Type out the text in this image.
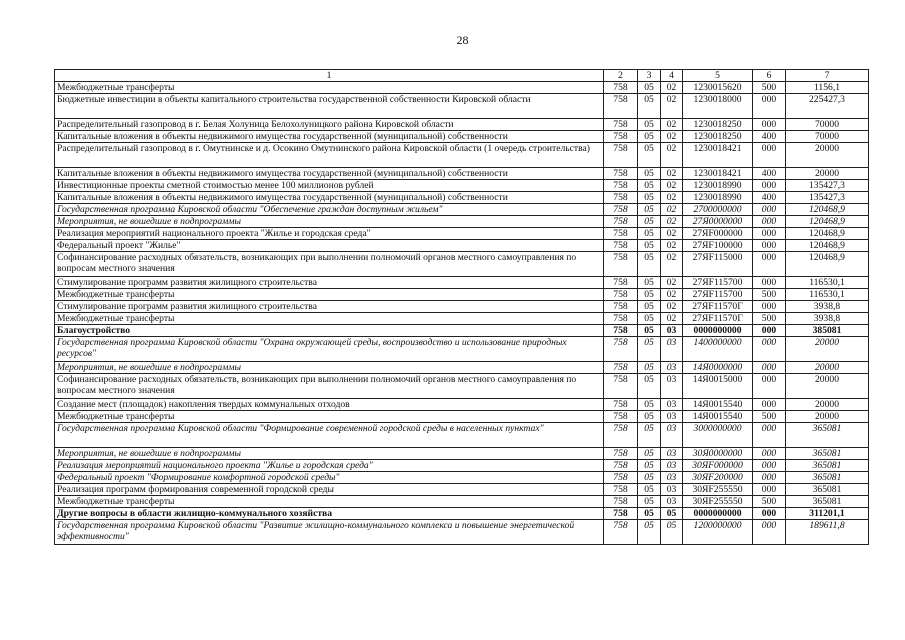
28
1	2	3	4	5	6	7
Межбюджетные трансферты	758	05	02	1230015620	500	1156,1
Бюджетные инвестиции в объекты капитального строительства государственной собственности Кировской области	758	05	02	1230018000	000	225427,3
Распределительный газопровод в г. Белая Холуница Белохолуницкого района Кировской области	758	05	02	1230018250	000	70000
Капитальные вложения в объекты недвижимого имущества государственной (муниципальной) собственности	758	05	02	1230018250	400	70000
Распределительный газопровод в г. Омутнинске и д. Осокино Омутнинского района Кировской области (1 очередь строительства)	758	05	02	1230018421	000	20000
Капитальные вложения в объекты недвижимого имущества государственной (муниципальной) собственности	758	05	02	1230018421	400	20000
Инвестиционные проекты сметной стоимостью менее 100 миллионов рублей	758	05	02	1230018990	000	135427,3
Капитальные вложения в объекты недвижимого имущества государственной (муниципальной) собственности	758	05	02	1230018990	400	135427,3
Государственная программа Кировской области "Обеспечение граждан доступным жильем"	758	05	02	2700000000	000	120468,9
Мероприятия, не вошедшие в подпрограммы	758	05	02	27Я0000000	000	120468,9
Реализация мероприятий национального проекта "Жилье и городская среда"	758	05	02	27ЯF000000	000	120468,9
Федеральный проект "Жилье"	758	05	02	27ЯF100000	000	120468,9
Софинансирование расходных обязательств, возникающих при выполнении полномочий органов местного самоуправления по вопросам местного значения	758	05	02	27ЯF115000	000	120468,9
Стимулирование программ развития жилищного строительства	758	05	02	27ЯF115700	000	116530,1
Межбюджетные трансферты	758	05	02	27ЯF115700	500	116530,1
Стимулирование программ развития жилищного строительства	758	05	02	27ЯF11570Г	000	3938,8
Межбюджетные трансферты	758	05	02	27ЯF11570Г	500	3938,8
Благоустройство	758	05	03	0000000000	000	385081
Государственная программа Кировской области "Охрана окружающей среды, воспроизводство и использование природных ресурсов"	758	05	03	1400000000	000	20000
Мероприятия, не вошедшие в подпрограммы	758	05	03	14Я0000000	000	20000
Софинансирование расходных обязательств, возникающих при выполнении полномочий органов местного самоуправления по вопросам местного значения	758	05	03	14Я0015000	000	20000
Создание мест (площадок) накопления твердых коммунальных отходов	758	05	03	14Я0015540	000	20000
Межбюджетные трансферты	758	05	03	14Я0015540	500	20000
Государственная программа Кировской области "Формирование современной городской среды в населенных пунктах"	758	05	03	3000000000	000	365081
Мероприятия, не вошедшие в подпрограммы	758	05	03	30Я0000000	000	365081
Реализация мероприятий национального проекта "Жилье и городская среда"	758	05	03	30ЯF000000	000	365081
Федеральный проект "Формирование комфортной городской среды"	758	05	03	30ЯF200000	000	365081
Реализация программ формирования современной городской среды	758	05	03	30ЯF255550	000	365081
Межбюджетные трансферты	758	05	03	30ЯF255550	500	365081
Другие вопросы в области жилищно-коммунального хозяйства	758	05	05	0000000000	000	311201,1
Государственная программа Кировской области "Развитие жилищно-коммунального комплекса и повышение энергетической эффективности"	758	05	05	1200000000	000	189611,8
